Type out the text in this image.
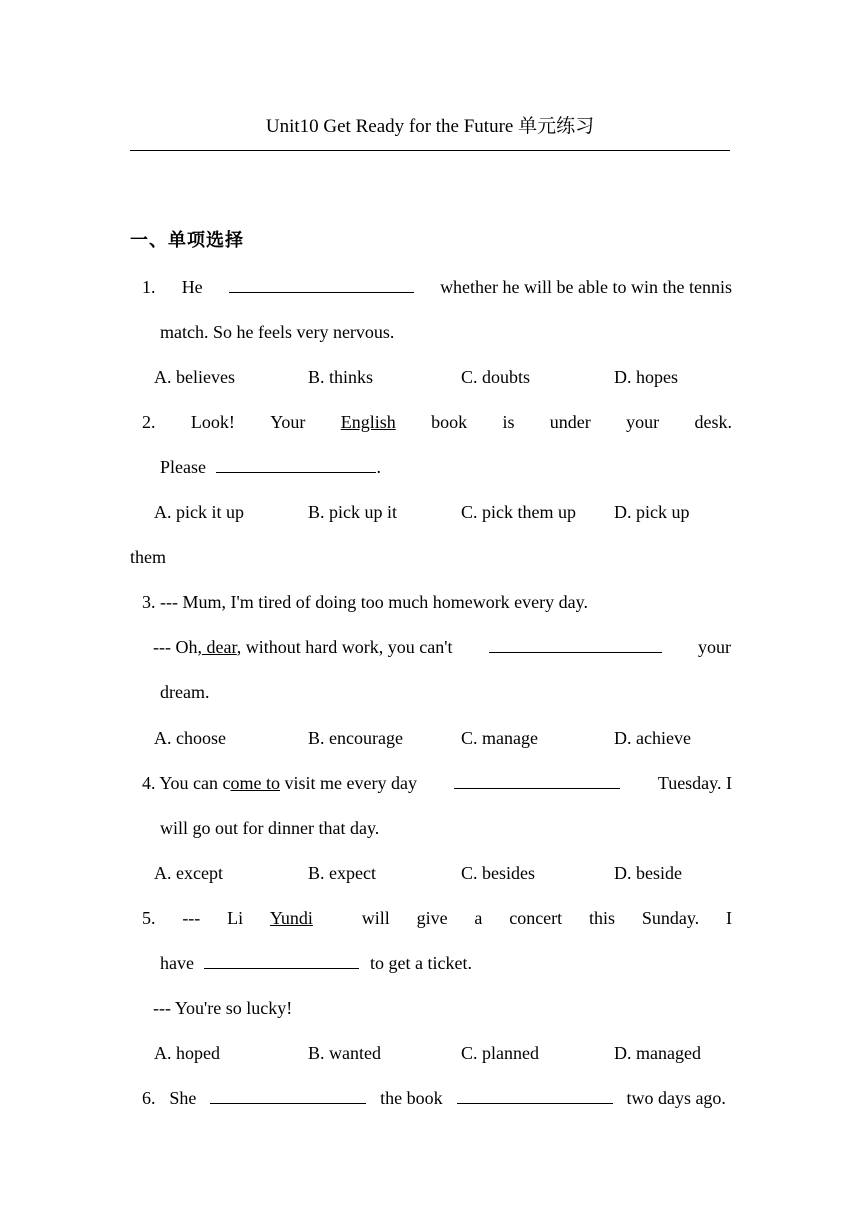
Unit10 Get Ready for the Future 单元练习
一、单项选择
1. He	whether he will be able to win the tennis
match. So he feels very nervous.
A. believes	B. thinks	C. doubts	D. hopes
2. Look! Your English book is under your desk.
Please	.
A. pick it up	B. pick up it	C. pick them up D. pick up
them
3. --- Mum, I'm tired of doing too much homework every day.
--- Oh, dear, without hard work, you can't	your
dream.
A. choose	B. encourage	C. manage	D. achieve
4. You can come to visit me every day	Tuesday. I
will go out for dinner that day.
A. except	B. expect	C. besides	D. beside
5. --- Li Yundi	will give a concert this Sunday. I
have	to get a ticket.
--- You're so lucky!
A. hoped	B. wanted	C. planned	D. managed
6. She	the book	two days ago.
